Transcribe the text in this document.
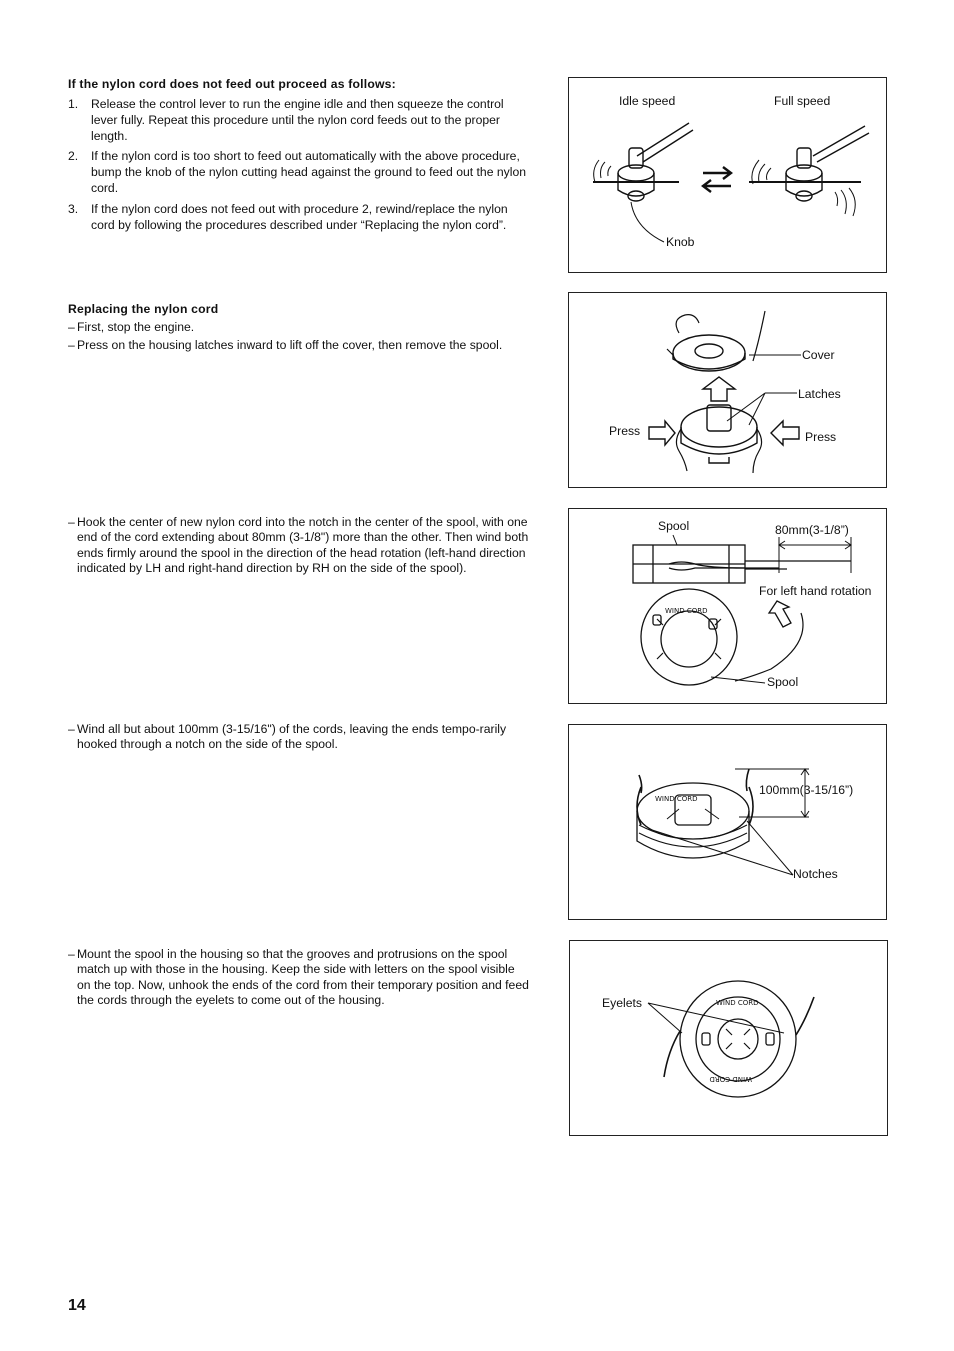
If the nylon cord does not feed out proceed as follows:
1. Release the control lever to run the engine idle and then squeeze the control lever fully. Repeat this procedure until the nylon cord feeds out to the proper length.
2. If the nylon cord is too short to feed out automatically with the above procedure, bump the knob of the nylon cutting head against the ground to feed out the nylon cord.
3. If the nylon cord does not feed out with procedure 2, rewind/replace the nylon cord by following the procedures described under “Replacing the nylon cord”.
Replacing the nylon cord
– First, stop the engine.
– Press on the housing latches inward to lift off the cover, then remove the spool.
– Hook the center of new nylon cord into the notch in the center of the spool, with one end of the cord extending about 80mm (3-1/8") more than the other. Then wind both ends firmly around the spool in the direction of the head rotation (left-hand direction indicated by LH and right-hand direction by RH on the side of the spool).
– Wind all but about 100mm (3-15/16") of the cords, leaving the ends tempo-rarily hooked through a notch on the side of the spool.
– Mount the spool in the housing so that the grooves and protrusions on the spool match up with those in the housing. Keep the side with letters on the spool visible on the top. Now, unhook the ends of the cord from their temporary position and feed the cords through the eyelets to come out of the housing.
Idle speed	Full speed
Knob
Cover
Latches
Press	Press
WIND CORD
Spool	80mm(3-1/8”)
For left hand rotation
Spool
WIND CORD
100mm(3-15/16”)
Notches
WIND CORD
WIND CORD
Eyelets
14
